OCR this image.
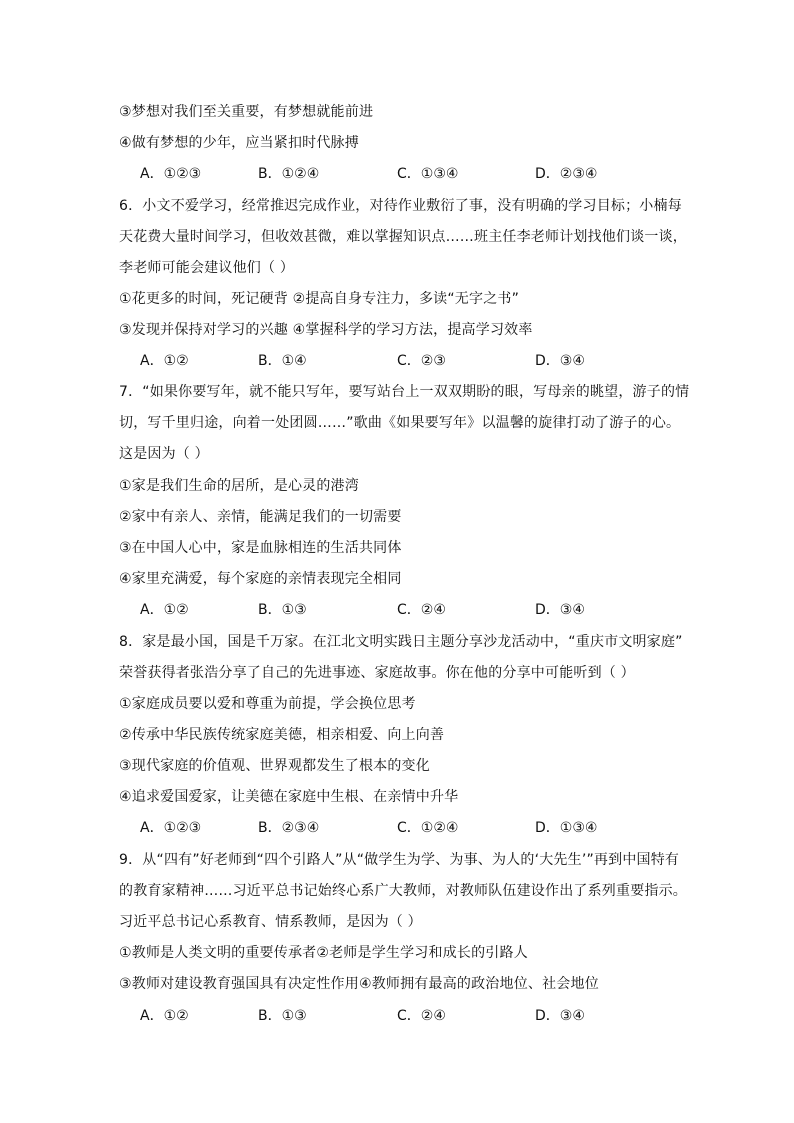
③梦想对我们至关重要，有梦想就能前进
④做有梦想的少年，应当紧扣时代脉搏
A．①②③	B．①②④	C．①③④	D．②③④
6．小文不爱学习，经常推迟完成作业，对待作业敷衍了事，没有明确的学习目标；小楠每
天花费大量时间学习，但收效甚微，难以掌握知识点……班主任李老师计划找他们谈一谈，
李老师可能会建议他们（ ）
①花更多的时间，死记硬背 ②提高自身专注力，多读“无字之书”
③发现并保持对学习的兴趣 ④掌握科学的学习方法，提高学习效率
A．①②	B．①④	C．②③	D．③④
7．“如果你要写年，就不能只写年，要写站台上一双双期盼的眼，写母亲的眺望，游子的情
切，写千里归途，向着一处团圆……”歌曲《如果要写年》以温馨的旋律打动了游子的心。
这是因为（ ）
①家是我们生命的居所，是心灵的港湾
②家中有亲人、亲情，能满足我们的一切需要
③在中国人心中，家是血脉相连的生活共同体
④家里充满爱，每个家庭的亲情表现完全相同
A．①②	B．①③	C．②④	D．③④
8．家是最小国，国是千万家。在江北文明实践日主题分享沙龙活动中，“重庆市文明家庭”
荣誉获得者张浩分享了自己的先进事迹、家庭故事。你在他的分享中可能听到（ ）
①家庭成员要以爱和尊重为前提，学会换位思考
②传承中华民族传统家庭美德，相亲相爱、向上向善
③现代家庭的价值观、世界观都发生了根本的变化
④追求爱国爱家，让美德在家庭中生根、在亲情中升华
A．①②③	B．②③④	C．①②④	D．①③④
9．从“四有”好老师到“四个引路人”从“做学生为学、为事、为人的‘大先生’”再到中国特有
的教育家精神……习近平总书记始终心系广大教师，对教师队伍建设作出了系列重要指示。
习近平总书记心系教育、情系教师，是因为（ ）
①教师是人类文明的重要传承者②老师是学生学习和成长的引路人
③教师对建设教育强国具有决定性作用④教师拥有最高的政治地位、社会地位
A．①②	B．①③	C．②④	D．③④
